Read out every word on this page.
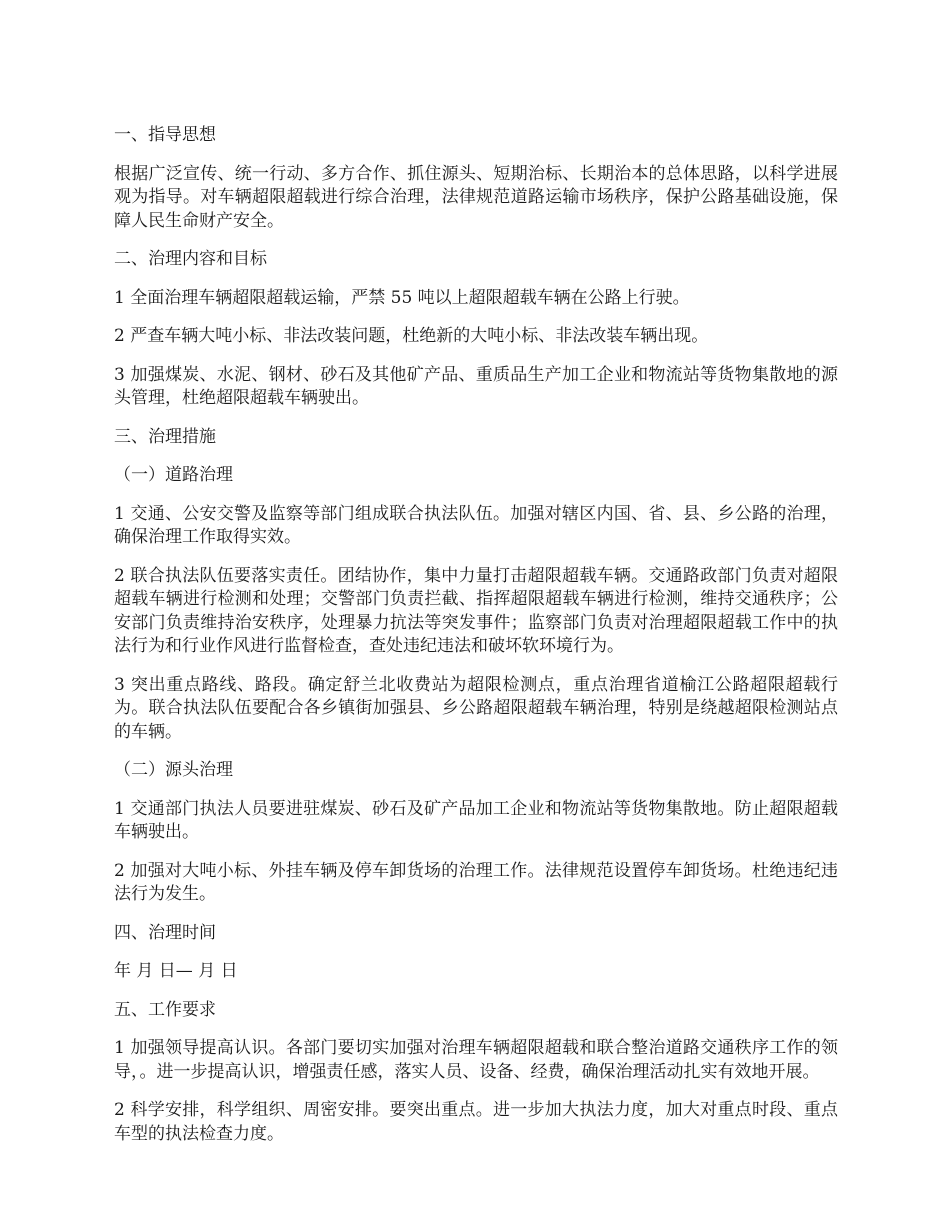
一、指导思想

根据广泛宣传、统一行动、多方合作、抓住源头、短期治标、长期治本的总体思路，以科学进展观为指导。对车辆超限超载进行综合治理，法律规范道路运输市场秩序，保护公路基础设施，保障人民生命财产安全。

二、治理内容和目标

1 全面治理车辆超限超载运输，严禁 55 吨以上超限超载车辆在公路上行驶。

2 严查车辆大吨小标、非法改装问题，杜绝新的大吨小标、非法改装车辆出现。

3 加强煤炭、水泥、钢材、砂石及其他矿产品、重质品生产加工企业和物流站等货物集散地的源头管理，杜绝超限超载车辆驶出。

三、治理措施

（一）道路治理

1 交通、公安交警及监察等部门组成联合执法队伍。加强对辖区内国、省、县、乡公路的治理，确保治理工作取得实效。

2 联合执法队伍要落实责任。团结协作，集中力量打击超限超载车辆。交通路政部门负责对超限超载车辆进行检测和处理；交警部门负责拦截、指挥超限超载车辆进行检测，维持交通秩序；公安部门负责维持治安秩序，处理暴力抗法等突发事件；监察部门负责对治理超限超载工作中的执法行为和行业作风进行监督检查，查处违纪违法和破坏软环境行为。

3 突出重点路线、路段。确定舒兰北收费站为超限检测点，重点治理省道榆江公路超限超载行为。联合执法队伍要配合各乡镇街加强县、乡公路超限超载车辆治理，特别是绕越超限检测站点的车辆。

（二）源头治理

1 交通部门执法人员要进驻煤炭、砂石及矿产品加工企业和物流站等货物集散地。防止超限超载车辆驶出。

2 加强对大吨小标、外挂车辆及停车卸货场的治理工作。法律规范设置停车卸货场。杜绝违纪违法行为发生。

四、治理时间

年 月 日— 月 日

五、工作要求

1 加强领导提高认识。各部门要切实加强对治理车辆超限超载和联合整治道路交通秩序工作的领导，。进一步提高认识，增强责任感，落实人员、设备、经费，确保治理活动扎实有效地开展。

2 科学安排，科学组织、周密安排。要突出重点。进一步加大执法力度，加大对重点时段、重点车型的执法检查力度。
